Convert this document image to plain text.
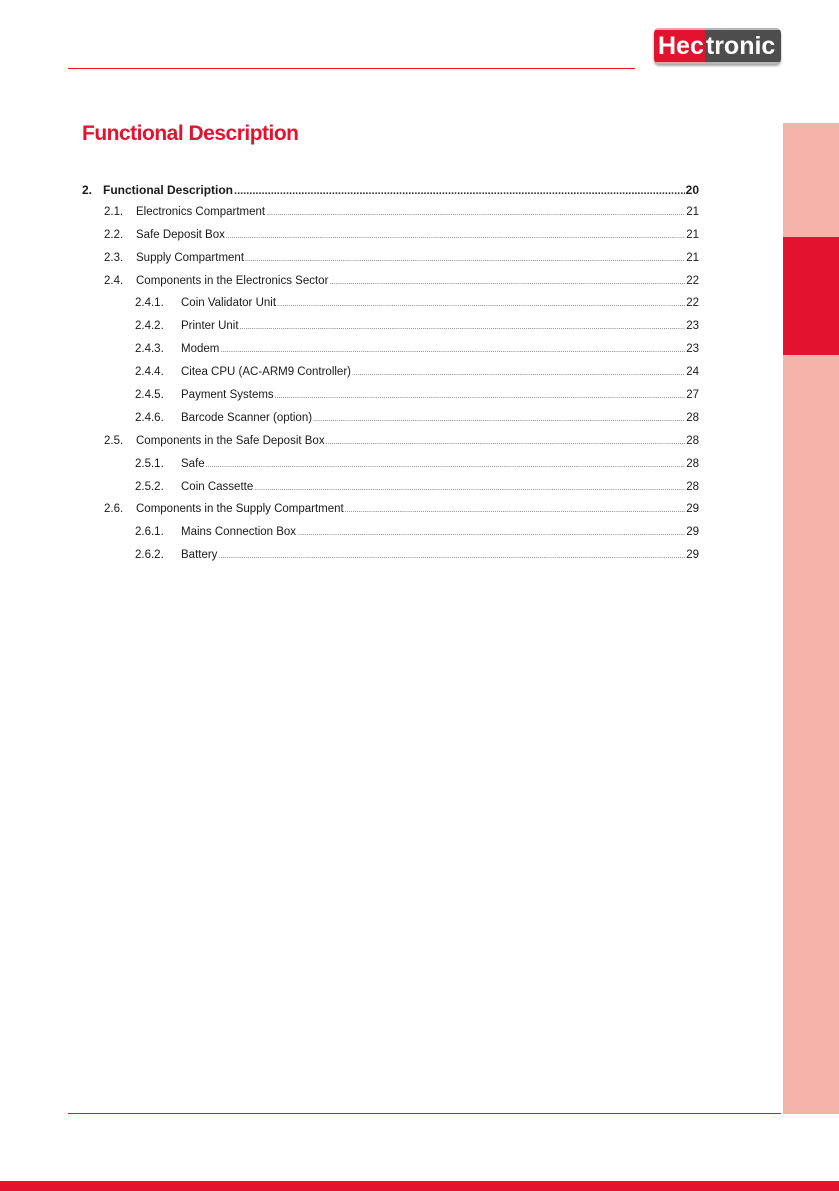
Hec tronic
Functional Description
2. Functional Description .....	20
2.1.	Electronics Compartment .....	21
2.2.	Safe Deposit Box .....	21
2.3.	Supply Compartment .....	21
2.4.	Components in the Electronics Sector .....	22
2.4.1.	Coin Validator Unit .....	22
2.4.2.	Printer Unit .....	23
2.4.3.	Modem .....	23
2.4.4.	Citea CPU (AC-ARM9 Controller) .....	24
2.4.5.	Payment Systems .....	27
2.4.6.	Barcode Scanner (option) .....	28
2.5.	Components in the Safe Deposit Box .....	28
2.5.1.	Safe .....	28
2.5.2.	Coin Cassette .....	28
2.6.	Components in the Supply Compartment .....	29
2.6.1.	Mains Connection Box .....	29
2.6.2.	Battery .....	29
